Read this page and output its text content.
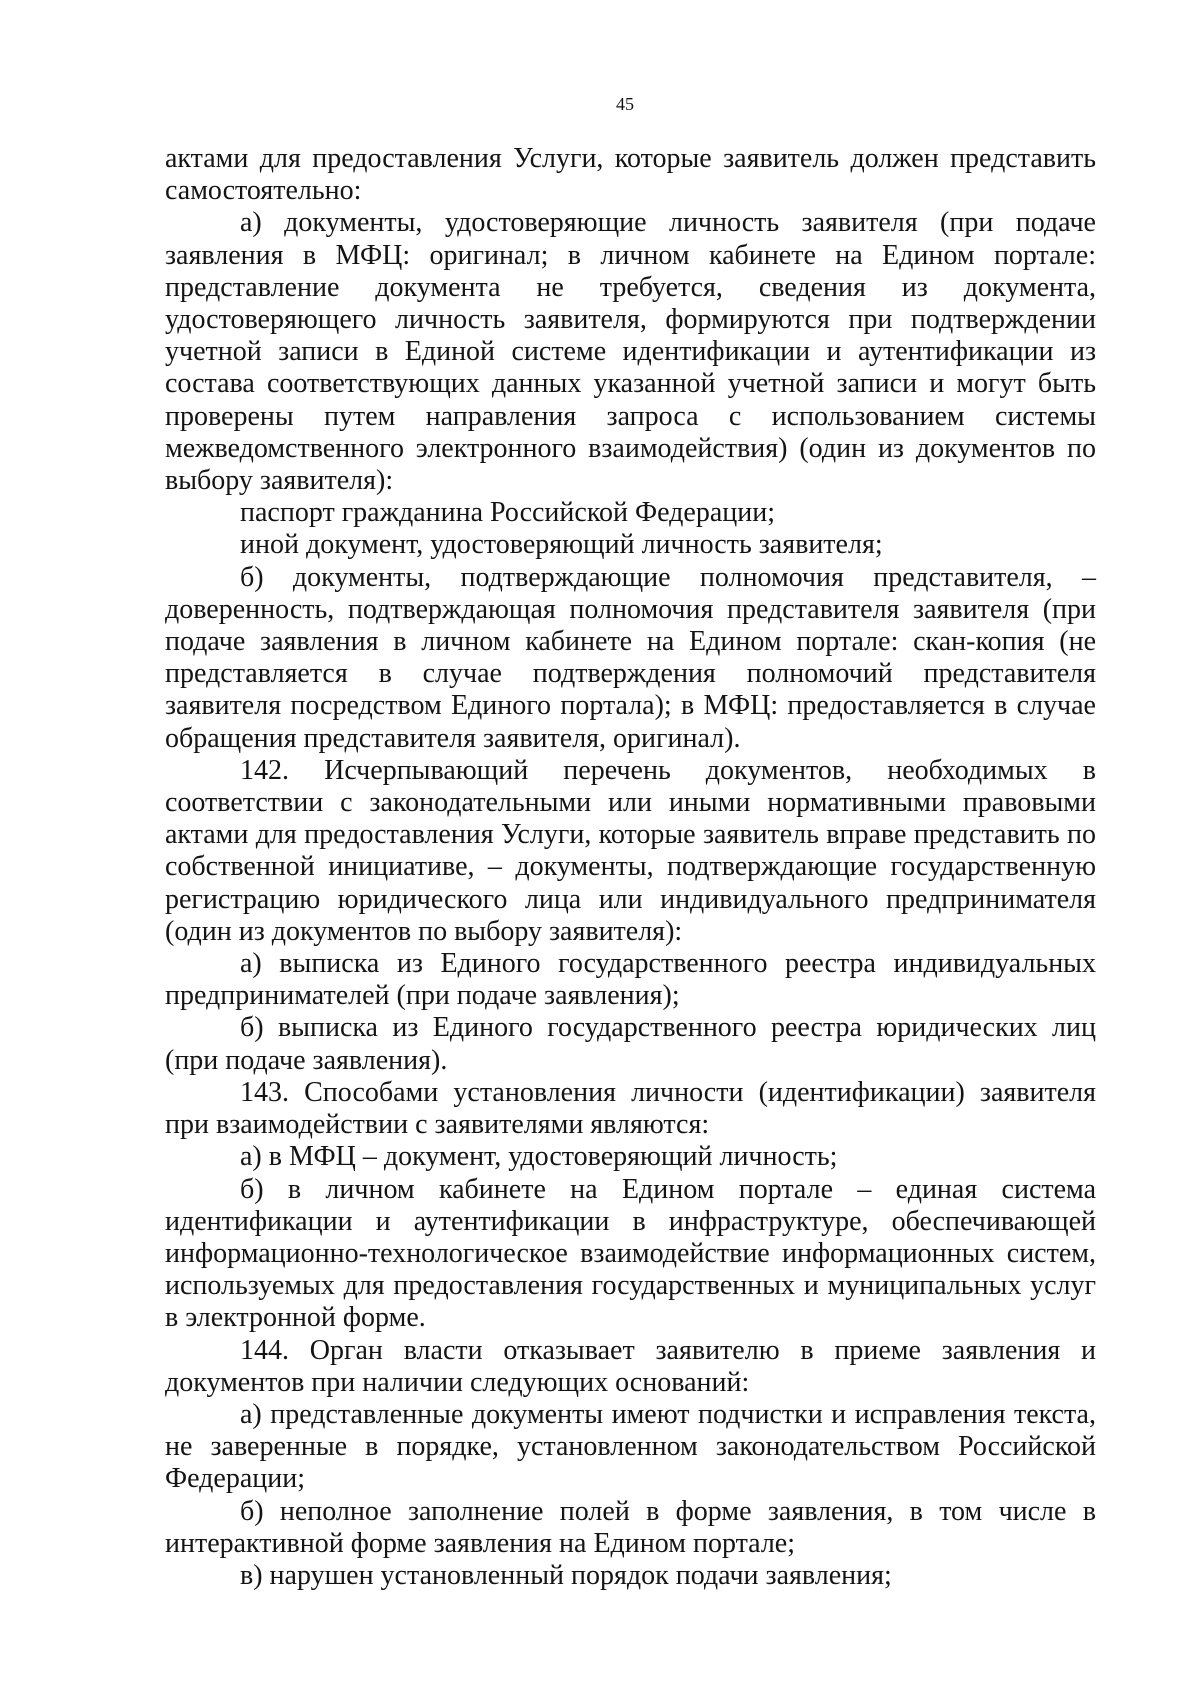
45

актами для предоставления Услуги, которые заявитель должен представить самостоятельно:

а) документы, удостоверяющие личность заявителя (при подаче заявления в МФЦ: оригинал; в личном кабинете на Едином портале: представление документа не требуется, сведения из документа, удостоверяющего личность заявителя, формируются при подтверждении учетной записи в Единой системе идентификации и аутентификации из состава соответствующих данных указанной учетной записи и могут быть проверены путем направления запроса с использованием системы межведомственного электронного взаимодействия) (один из документов по выбору заявителя):

паспорт гражданина Российской Федерации;

иной документ, удостоверяющий личность заявителя;

б) документы, подтверждающие полномочия представителя, – доверенность, подтверждающая полномочия представителя заявителя (при подаче заявления в личном кабинете на Едином портале: скан-копия (не представляется в случае подтверждения полномочий представителя заявителя посредством Единого портала); в МФЦ: предоставляется в случае обращения представителя заявителя, оригинал).

142. Исчерпывающий перечень документов, необходимых в соответствии с законодательными или иными нормативными правовыми актами для предоставления Услуги, которые заявитель вправе представить по собственной инициативе, – документы, подтверждающие государственную регистрацию юридического лица или индивидуального предпринимателя (один из документов по выбору заявителя):

а) выписка из Единого государственного реестра индивидуальных предпринимателей (при подаче заявления);

б) выписка из Единого государственного реестра юридических лиц (при подаче заявления).

143. Способами установления личности (идентификации) заявителя при взаимодействии с заявителями являются:

а) в МФЦ – документ, удостоверяющий личность;

б) в личном кабинете на Едином портале – единая система идентификации и аутентификации в инфраструктуре, обеспечивающей информационно-технологическое взаимодействие информационных систем, используемых для предоставления государственных и муниципальных услуг в электронной форме.

144. Орган власти отказывает заявителю в приеме заявления и документов при наличии следующих оснований:

а) представленные документы имеют подчистки и исправления текста, не заверенные в порядке, установленном законодательством Российской Федерации;

б) неполное заполнение полей в форме заявления, в том числе в интерактивной форме заявления на Едином портале;

в) нарушен установленный порядок подачи заявления;
